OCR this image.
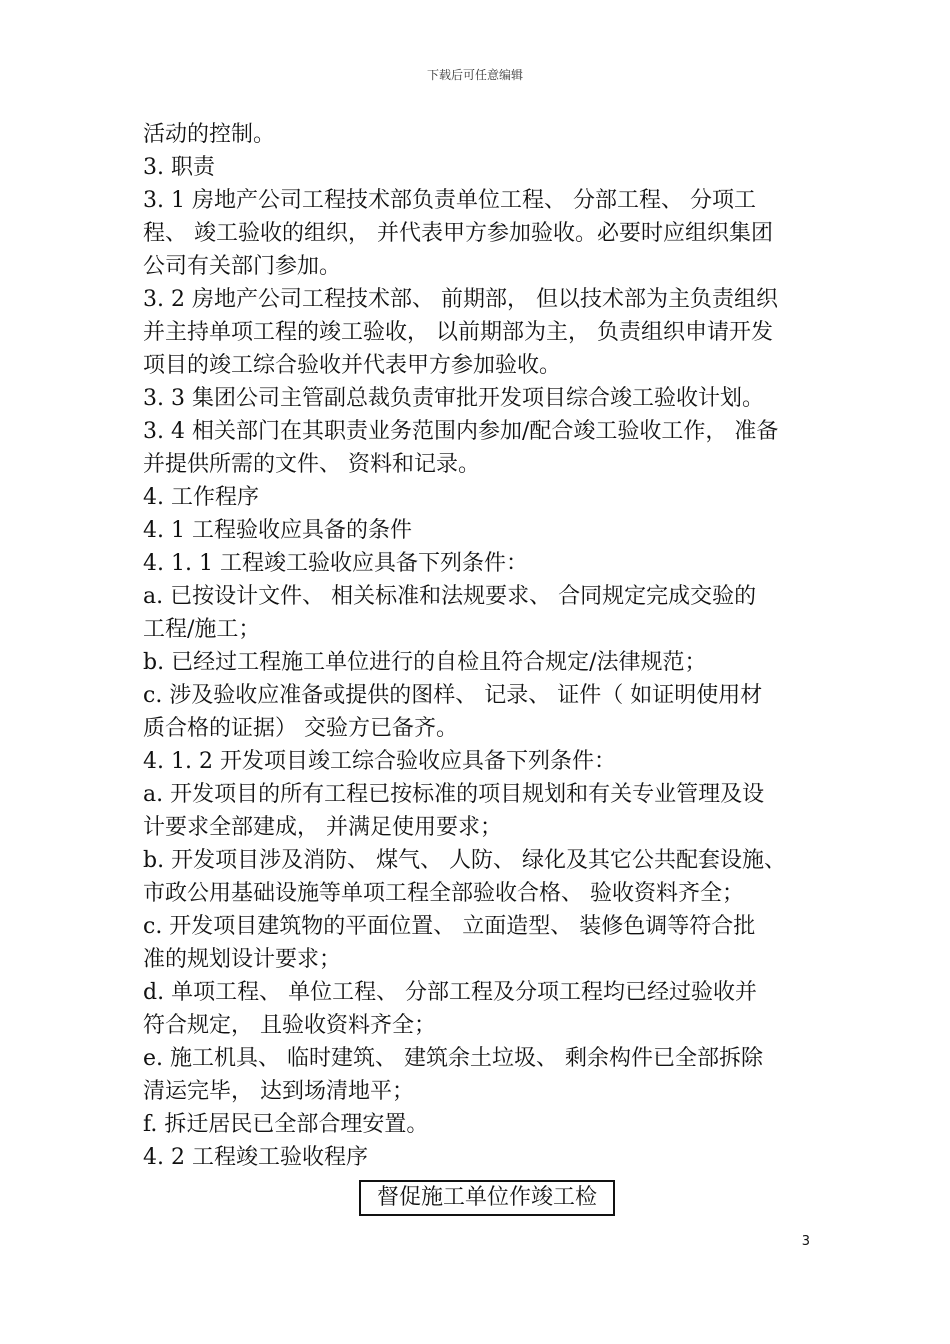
下载后可任意编辑
活动的控制。
3. 职责
3. 1 房地产公司工程技术部负责单位工程、 分部工程、 分项工
程、 竣工验收的组织， 并代表甲方参加验收。必要时应组织集团
公司有关部门参加。
3. 2 房地产公司工程技术部、 前期部， 但以技术部为主负责组织
并主持单项工程的竣工验收， 以前期部为主， 负责组织申请开发
项目的竣工综合验收并代表甲方参加验收。
3. 3 集团公司主管副总裁负责审批开发项目综合竣工验收计划。
3. 4 相关部门在其职责业务范围内参加/配合竣工验收工作， 准备
并提供所需的文件、 资料和记录。
4. 工作程序
4. 1 工程验收应具备的条件
4. 1. 1 工程竣工验收应具备下列条件：
a. 已按设计文件、 相关标准和法规要求、 合同规定完成交验的
工程/施工；
b. 已经过工程施工单位进行的自检且符合规定/法律规范；
c. 涉及验收应准备或提供的图样、 记录、 证件（ 如证明使用材
质合格的证据） 交验方已备齐。
4. 1. 2 开发项目竣工综合验收应具备下列条件：
a. 开发项目的所有工程已按标准的项目规划和有关专业管理及设
计要求全部建成， 并满足使用要求；
b. 开发项目涉及消防、 煤气、 人防、 绿化及其它公共配套设施、
市政公用基础设施等单项工程全部验收合格、 验收资料齐全；
c. 开发项目建筑物的平面位置、 立面造型、 装修色调等符合批
准的规划设计要求；
d. 单项工程、 单位工程、 分部工程及分项工程均已经过验收并
符合规定， 且验收资料齐全；
e. 施工机具、 临时建筑、 建筑余土垃圾、 剩余构件已全部拆除
清运完毕， 达到场清地平；
f. 拆迁居民已全部合理安置。
4. 2 工程竣工验收程序
督促施工单位作竣工检
3
